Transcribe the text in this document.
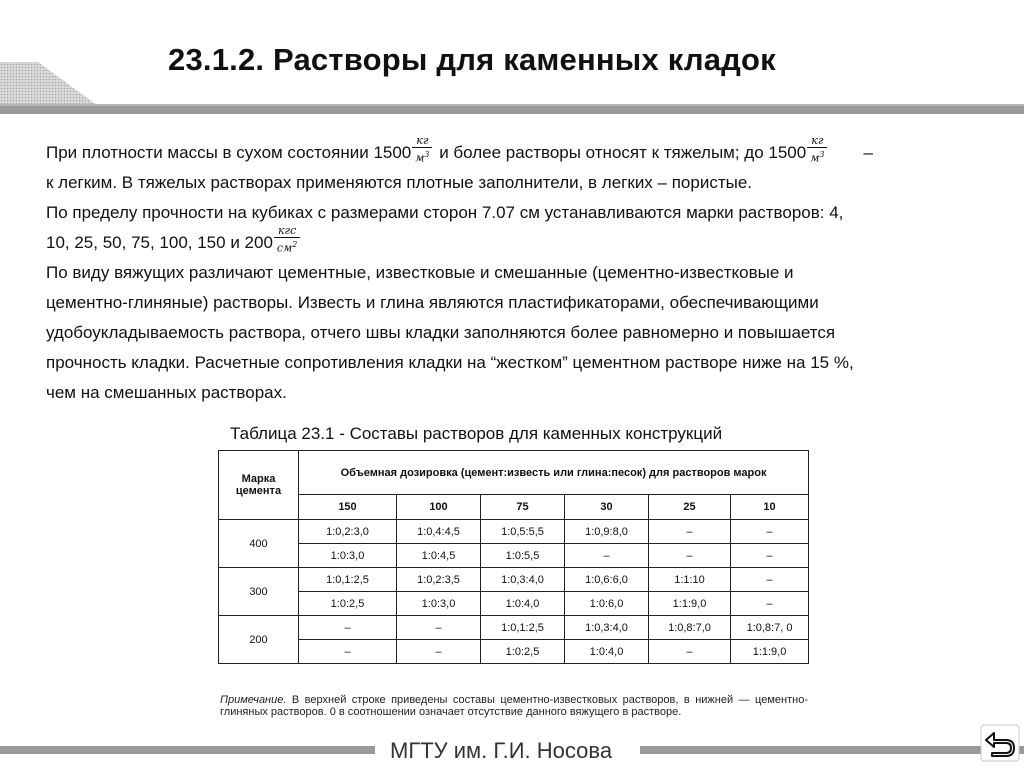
23.1.2. Растворы для каменных кладок
При плотности массы в сухом состоянии $1500 \frac{кг}{м^3}$ и более растворы относят к тяжелым; до $1500 \frac{кг}{м^3}$ –
к легким. В тяжелых растворах применяются плотные заполнители, в легких – пористые.
По пределу прочности на кубиках с размерами сторон 7.07 см устанавливаются марки растворов: 4,
10, 25, 50, 75, 100, 150 и $200 \frac{\text{кгс}}{см^2}$
По виду вяжущих различают цементные, известковые и смешанные (цементно-известковые и
цементно-глиняные) растворы. Известь и глина являются пластификаторами, обеспечивающими
удобоукладываемость раствора, отчего швы кладки заполняются более равномерно и повышается
прочность кладки. Расчетные сопротивления кладки на “жестком” цементном растворе ниже на 15 %,
чем на смешанных растворах.
Таблица 23.1 - Составы растворов для каменных конструкций
Марка цемента	Объемная дозировка (цемент:известь или глина:песок) для растворов марок					
	150	100	75	30	25	10
400	1:0,2:3,0	1:0,4:4,5	1:0,5:5,5	1:0,9:8,0	–	–
	1:0:3,0	1:0:4,5	1:0:5,5	–	–	–
300	1:0,1:2,5	1:0,2:3,5	1:0,3:4,0	1:0,6:6,0	1:1:10	–
	1:0:2,5	1:0:3,0	1:0:4,0	1:0:6,0	1:1:9,0	–
200	–	–	1:0,1:2,5	1:0,3:4,0	1:0,8:7,0	1:0,8:7, 0
	–	–	1:0:2,5	1:0:4,0	–	1:1:9,0
Примечание. В верхней строке приведены составы цементно-известковых растворов, в нижней — цементно-глиняных растворов. 0 в соотношении означает отсутствие данного вяжущего в растворе.
МГТУ им. Г.И. Носова
